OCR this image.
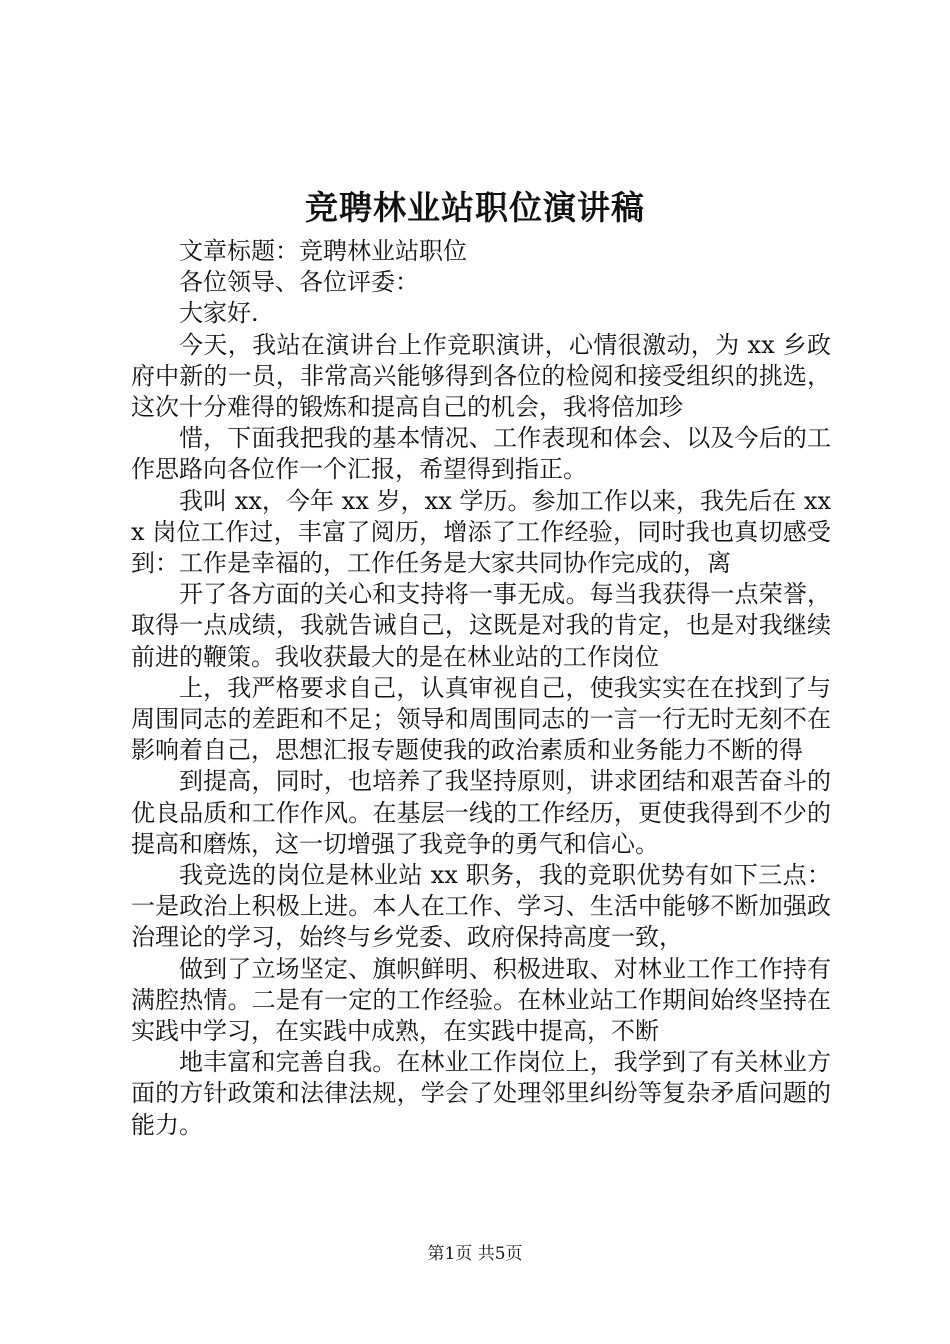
竞聘林业站职位演讲稿

文章标题：竞聘林业站职位

各位领导、各位评委：

大家好.

今天，我站在演讲台上作竞职演讲，心情很激动，为 xx 乡政府中新的一员，非常高兴能够得到各位的检阅和接受组织的挑选，这次十分难得的锻炼和提高自己的机会，我将倍加珍

惜，下面我把我的基本情况、工作表现和体会、以及今后的工作思路向各位作一个汇报，希望得到指正。

我叫 xx，今年 xx 岁，xx 学历。参加工作以来，我先后在 xxx 岗位工作过，丰富了阅历，增添了工作经验，同时我也真切感受到：工作是幸福的，工作任务是大家共同协作完成的，离

开了各方面的关心和支持将一事无成。每当我获得一点荣誉，取得一点成绩，我就告诫自己，这既是对我的肯定，也是对我继续前进的鞭策。我收获最大的是在林业站的工作岗位

上，我严格要求自己，认真审视自己，使我实实在在找到了与周围同志的差距和不足；领导和周围同志的一言一行无时无刻不在影响着自己，思想汇报专题使我的政治素质和业务能力不断的得

到提高，同时，也培养了我坚持原则，讲求团结和艰苦奋斗的优良品质和工作作风。在基层一线的工作经历，更使我得到不少的提高和磨炼，这一切增强了我竞争的勇气和信心。

我竞选的岗位是林业站 xx 职务，我的竞职优势有如下三点：一是政治上积极上进。本人在工作、学习、生活中能够不断加强政治理论的学习，始终与乡党委、政府保持高度一致，

做到了立场坚定、旗帜鲜明、积极进取、对林业工作工作持有满腔热情。二是有一定的工作经验。在林业站工作期间始终坚持在实践中学习，在实践中成熟，在实践中提高，不断

地丰富和完善自我。在林业工作岗位上，我学到了有关林业方面的方针政策和法律法规，学会了处理邻里纠纷等复杂矛盾问题的能力。

第1页 共5页
